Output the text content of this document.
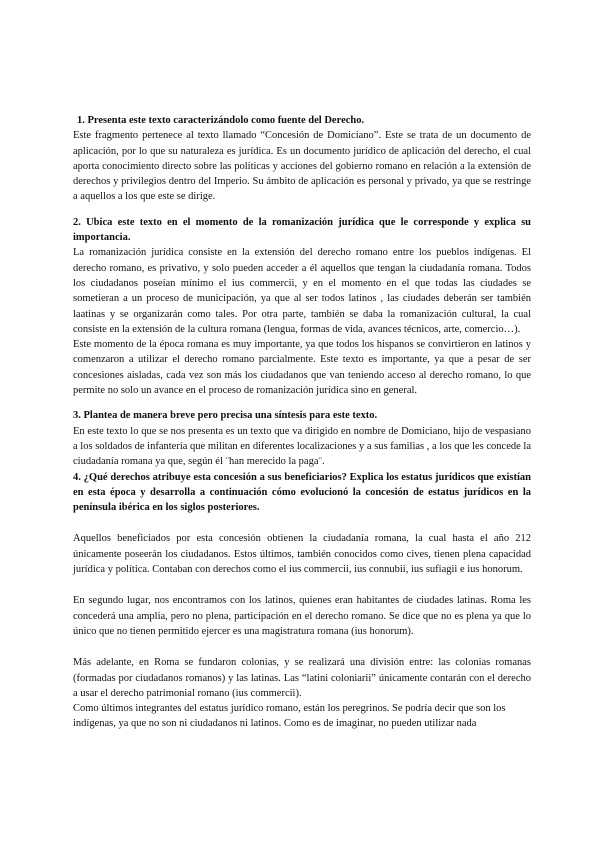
1. Presenta este texto caracterizándolo como fuente del Derecho.

Este fragmento pertenece al texto llamado “Concesión de Domiciano”. Este se trata de un documento de aplicación, por lo que su naturaleza es jurídica. Es un documento jurídico de aplicación del derecho, el cual aporta conocimiento directo sobre las políticas y acciones del gobierno romano en relación a la extensión de derechos y privilegios dentro del Imperio. Su ámbito de aplicación es personal y privado, ya que se restringe a aquellos a los que este se dirige.

2. Ubica este texto en el momento de la romanización jurídica que le corresponde y explica su importancia.

La romanización jurídica consiste en la extensión del derecho romano entre los pueblos indígenas. El derecho romano, es privativo, y solo pueden acceder a él aquellos que tengan la ciudadanía romana. Todos los ciudadanos poseían mínimo el ius commercii, y en el momento en el que todas las ciudades se sometieran a un proceso de municipación, ya que al ser todos latinos , las ciudades deberán ser también laatinas y se organizarán como tales. Por otra parte, también se daba la romanización cultural, la cual consiste en la extensión de la cultura romana (lengua, formas de vida, avances técnicos, arte, comercio…).

Este momento de la época romana es muy importante, ya que todos los hispanos se convirtieron en latinos y comenzaron a utilizar el derecho romano parcialmente. Este texto es importante, ya que a pesar de ser concesiones aisladas, cada vez son más los ciudadanos que van teniendo acceso al derecho romano, lo que permite no solo un avance en el proceso de romanización jurídica sino en general.

3. Plantea de manera breve pero precisa una síntesis para este texto.

En este texto lo que se nos presenta es un texto que va dirigido en nombre de Domiciano, hijo de vespasiano a los soldados de infantería que militan en diferentes localizaciones y a sus familias , a los que les concede la ciudadanía romana ya que, según él ¨han merecido la paga¨.

4. ¿Qué derechos atribuye esta concesión a sus beneficiarios? Explica los estatus jurídicos que existían en esta época y desarrolla a continuación cómo evolucionó la concesión de estatus jurídicos en la península ibérica en los siglos posteriores.

Aquellos beneficiados por esta concesión obtienen la ciudadanía romana, la cual hasta el año 212 únicamente poseerán los ciudadanos. Estos últimos, también conocidos como cives, tienen plena capacidad jurídica y política. Contaban con derechos como el ius commercii, ius connubii, ius sufiagii e ius honorum.

En segundo lugar, nos encontramos con los latinos, quienes eran habitantes de ciudades latinas. Roma les concederá una amplia, pero no plena, participación en el derecho romano. Se dice que no es plena ya que lo único que no tienen permitido ejercer es una magistratura romana (ius honorum).

Más adelante, en Roma se fundaron colonias, y se realizará una división entre: las colonias romanas (formadas por ciudadanos romanos) y las latinas. Las “latini coloniarii” únicamente contarán con el derecho a usar el derecho patrimonial romano (ius commercii).

Como últimos integrantes del estatus jurídico romano, están los peregrinos. Se podría decir que son los indígenas, ya que no son ni ciudadanos ni latinos. Como es de imaginar, no pueden utilizar nada
